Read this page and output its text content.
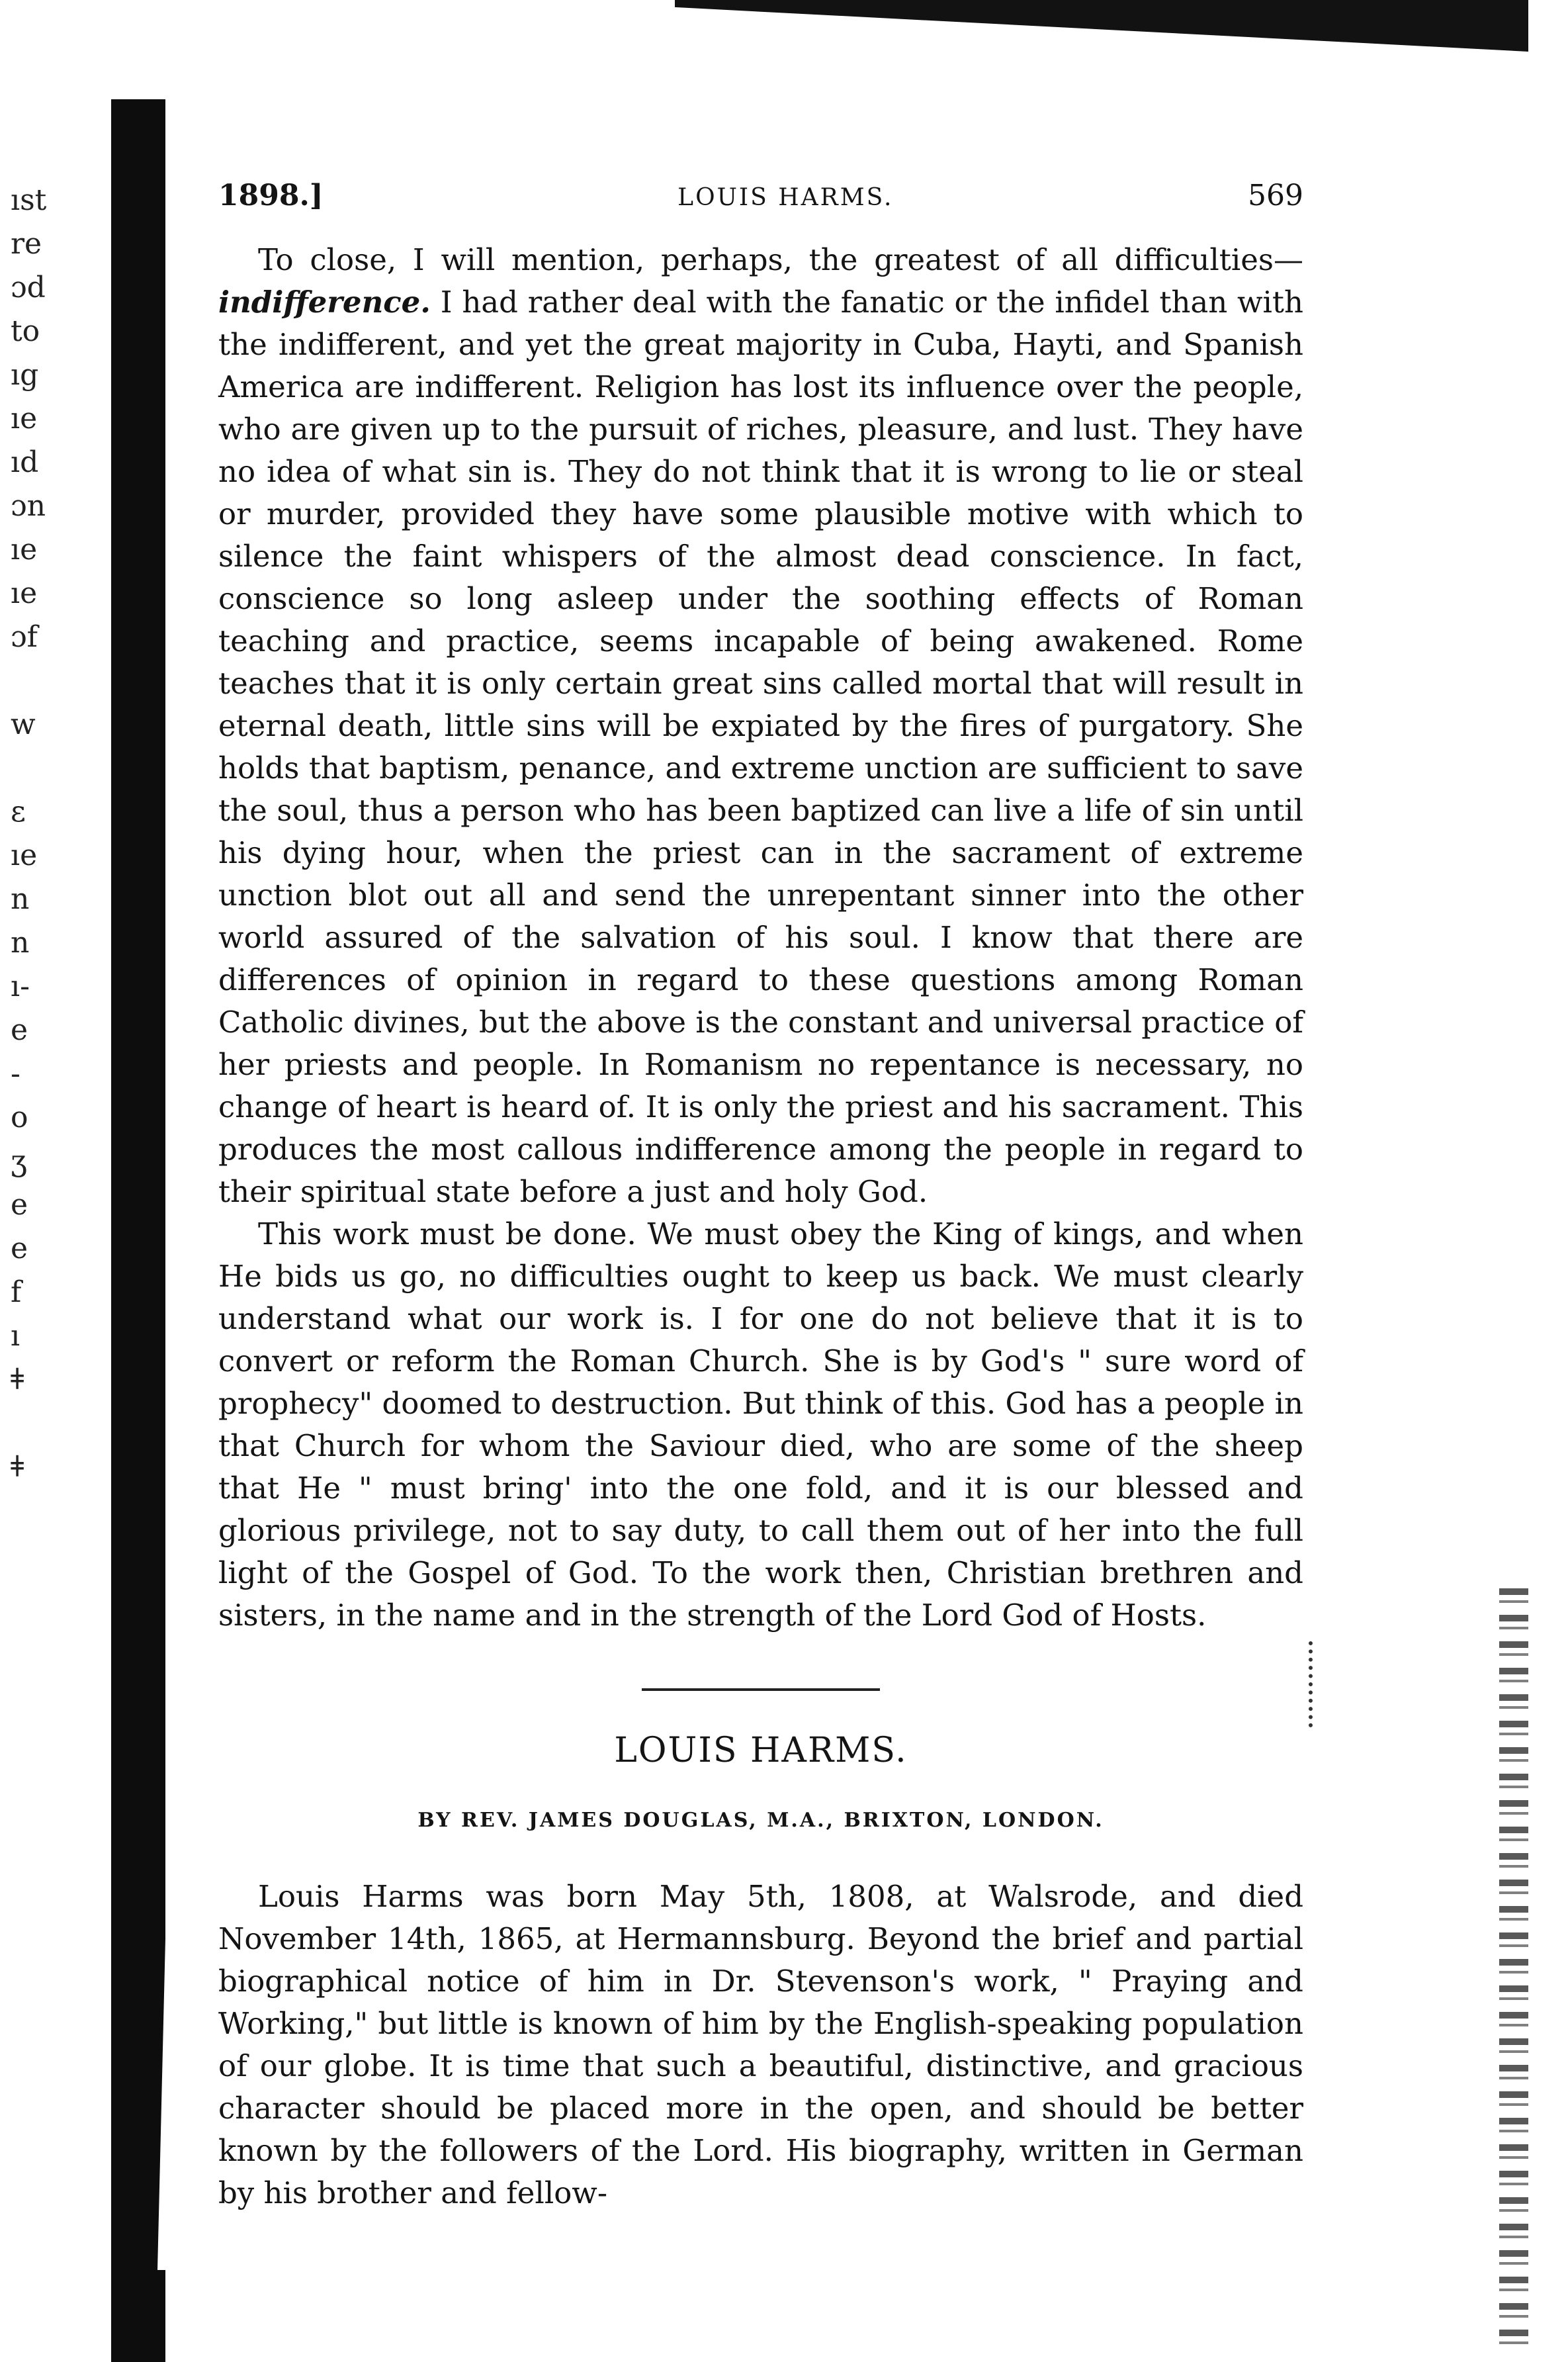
ıst
re
ɔd
to
ıg
ıe
ıd
ɔn
ıe
ıe
ɔf
w
ɛ
ıe
n
n
ı-
e
-
o
ʒ
e
e
f
ı
ǂ
ǂ
1898.]	LOUIS HARMS.	569

To close, I will mention, perhaps, the greatest of all difficulties—indifference. I had rather deal with the fanatic or the infidel than with the indifferent, and yet the great majority in Cuba, Hayti, and Spanish America are indifferent. Religion has lost its influence over the people, who are given up to the pursuit of riches, pleasure, and lust. They have no idea of what sin is. They do not think that it is wrong to lie or steal or murder, provided they have some plausible motive with which to silence the faint whispers of the almost dead conscience. In fact, conscience so long asleep under the soothing effects of Roman teaching and practice, seems incapable of being awakened. Rome teaches that it is only certain great sins called mortal that will result in eternal death, little sins will be expiated by the fires of purgatory. She holds that baptism, penance, and extreme unction are sufficient to save the soul, thus a person who has been baptized can live a life of sin until his dying hour, when the priest can in the sacrament of extreme unction blot out all and send the unrepentant sinner into the other world assured of the salvation of his soul. I know that there are differences of opinion in regard to these questions among Roman Catholic divines, but the above is the constant and universal practice of her priests and people. In Romanism no repentance is necessary, no change of heart is heard of. It is only the priest and his sacrament. This produces the most callous indifference among the people in regard to their spiritual state before a just and holy God.

This work must be done. We must obey the King of kings, and when He bids us go, no difficulties ought to keep us back. We must clearly understand what our work is. I for one do not believe that it is to convert or reform the Roman Church. She is by God's " sure word of prophecy" doomed to destruction. But think of this. God has a people in that Church for whom the Saviour died, who are some of the sheep that He " must bring' into the one fold, and it is our blessed and glorious privilege, not to say duty, to call them out of her into the full light of the Gospel of God. To the work then, Christian brethren and sisters, in the name and in the strength of the Lord God of Hosts.

LOUIS HARMS.
BY REV. JAMES DOUGLAS, M.A., BRIXTON, LONDON.

Louis Harms was born May 5th, 1808, at Walsrode, and died November 14th, 1865, at Hermannsburg. Beyond the brief and partial biographical notice of him in Dr. Stevenson's work, " Praying and Working," but little is known of him by the English-speaking population of our globe. It is time that such a beautiful, distinctive, and gracious character should be placed more in the open, and should be better known by the followers of the Lord. His biography, written in German by his brother and fellow-
